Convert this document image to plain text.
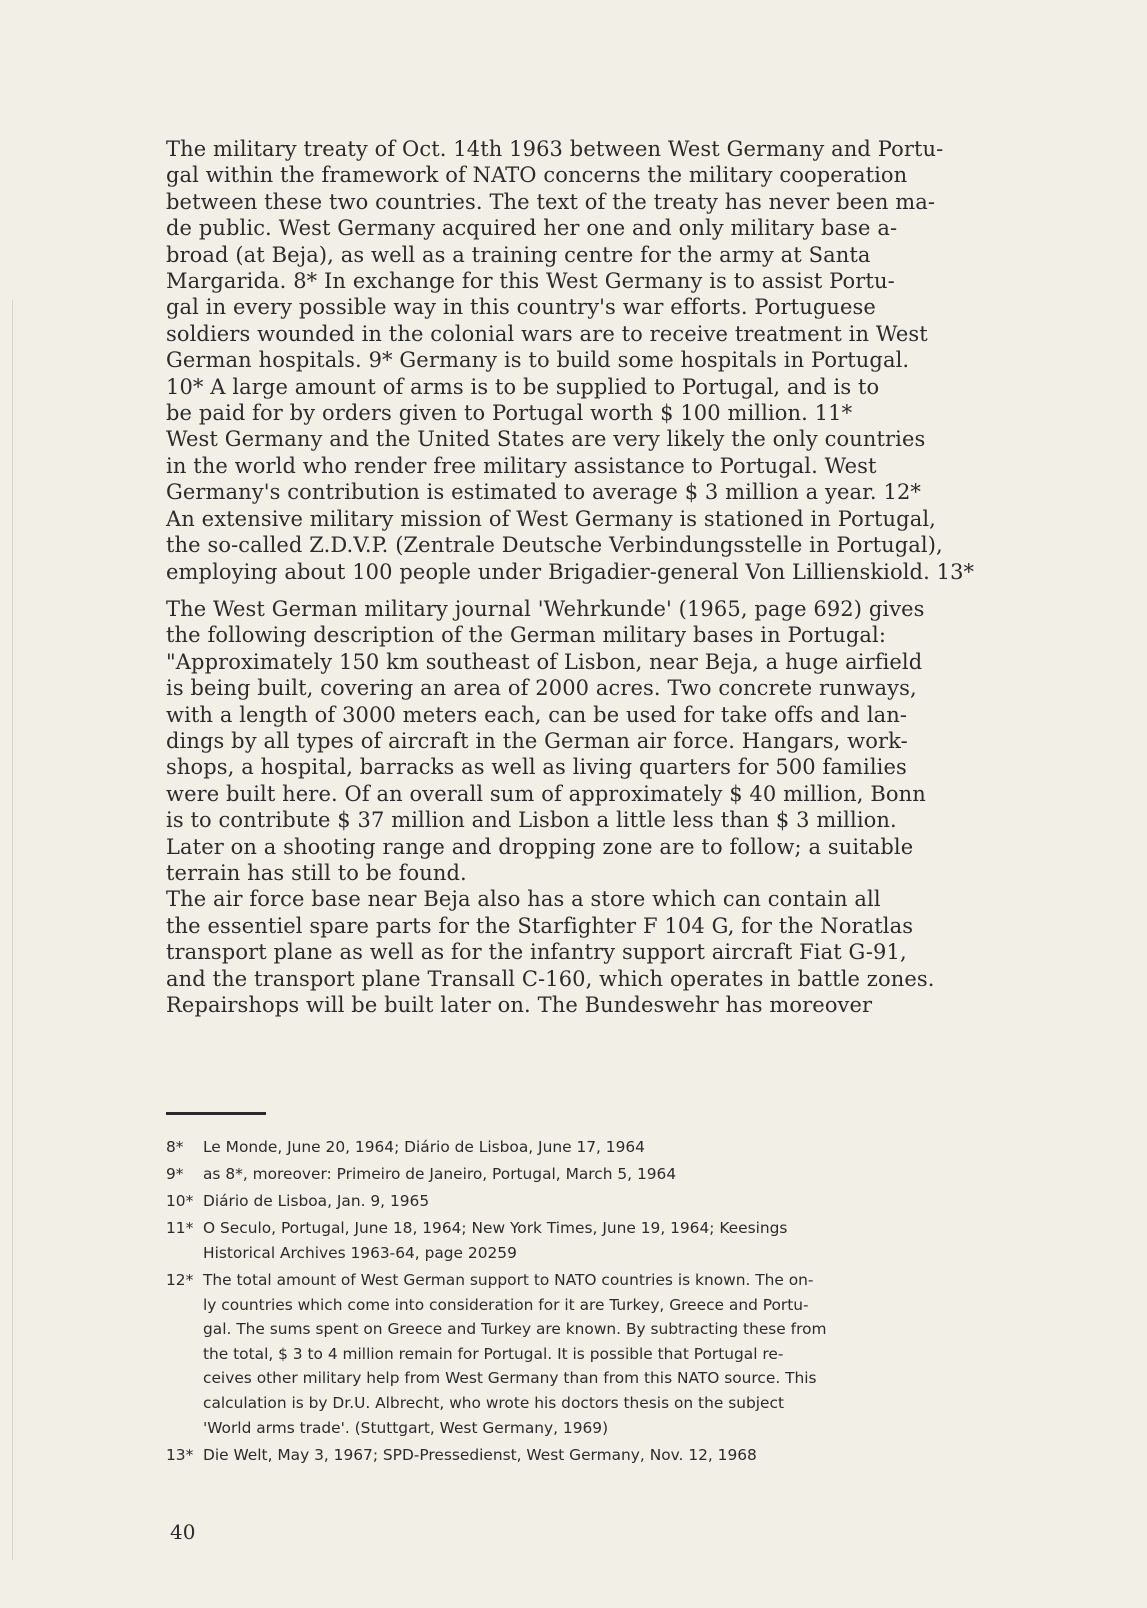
The military treaty of Oct. 14th 1963 between West Germany and Portu-
gal within the framework of NATO concerns the military cooperation
between these two countries. The text of the treaty has never been ma-
de public. West Germany acquired her one and only military base a-
broad (at Beja), as well as a training centre for the army at Santa
Margarida. 8* In exchange for this West Germany is to assist Portu-
gal in every possible way in this country's war efforts. Portuguese
soldiers wounded in the colonial wars are to receive treatment in West
German hospitals. 9* Germany is to build some hospitals in Portugal.
10* A large amount of arms is to be supplied to Portugal, and is to
be paid for by orders given to Portugal worth $ 100 million. 11*
West Germany and the United States are very likely the only countries
in the world who render free military assistance to Portugal. West
Germany's contribution is estimated to average $ 3 million a year. 12*
An extensive military mission of West Germany is stationed in Portugal,
the so-called Z.D.V.P. (Zentrale Deutsche Verbindungsstelle in Portugal),
employing about 100 people under Brigadier-general Von Lillienskiold. 13*

The West German military journal 'Wehrkunde' (1965, page 692) gives
the following description of the German military bases in Portugal:
"Approximately 150 km southeast of Lisbon, near Beja, a huge airfield
is being built, covering an area of 2000 acres. Two concrete runways,
with a length of 3000 meters each, can be used for take offs and lan-
dings by all types of aircraft in the German air force. Hangars, work-
shops, a hospital, barracks as well as living quarters for 500 families
were built here. Of an overall sum of approximately $ 40 million, Bonn
is to contribute $ 37 million and Lisbon a little less than $ 3 million.
Later on a shooting range and dropping zone are to follow; a suitable
terrain has still to be found.
The air force base near Beja also has a store which can contain all
the essentiel spare parts for the Starfighter F 104 G, for the Noratlas
transport plane as well as for the infantry support aircraft Fiat G-91,
and the transport plane Transall C-160, which operates in battle zones.
Repairshops will be built later on. The Bundeswehr has moreover

8* Le Monde, June 20, 1964; Diário de Lisboa, June 17, 1964
9* as 8*, moreover: Primeiro de Janeiro, Portugal, March 5, 1964
10* Diário de Lisboa, Jan. 9, 1965
11* O Seculo, Portugal, June 18, 1964; New York Times, June 19, 1964; Keesings
Historical Archives 1963-64, page 20259
12* The total amount of West German support to NATO countries is known. The on-
ly countries which come into consideration for it are Turkey, Greece and Portu-
gal. The sums spent on Greece and Turkey are known. By subtracting these from
the total, $ 3 to 4 million remain for Portugal. It is possible that Portugal re-
ceives other military help from West Germany than from this NATO source. This
calculation is by Dr.U. Albrecht, who wrote his doctors thesis on the subject
'World arms trade'. (Stuttgart, West Germany, 1969)
13* Die Welt, May 3, 1967; SPD-Pressedienst, West Germany, Nov. 12, 1968
40
